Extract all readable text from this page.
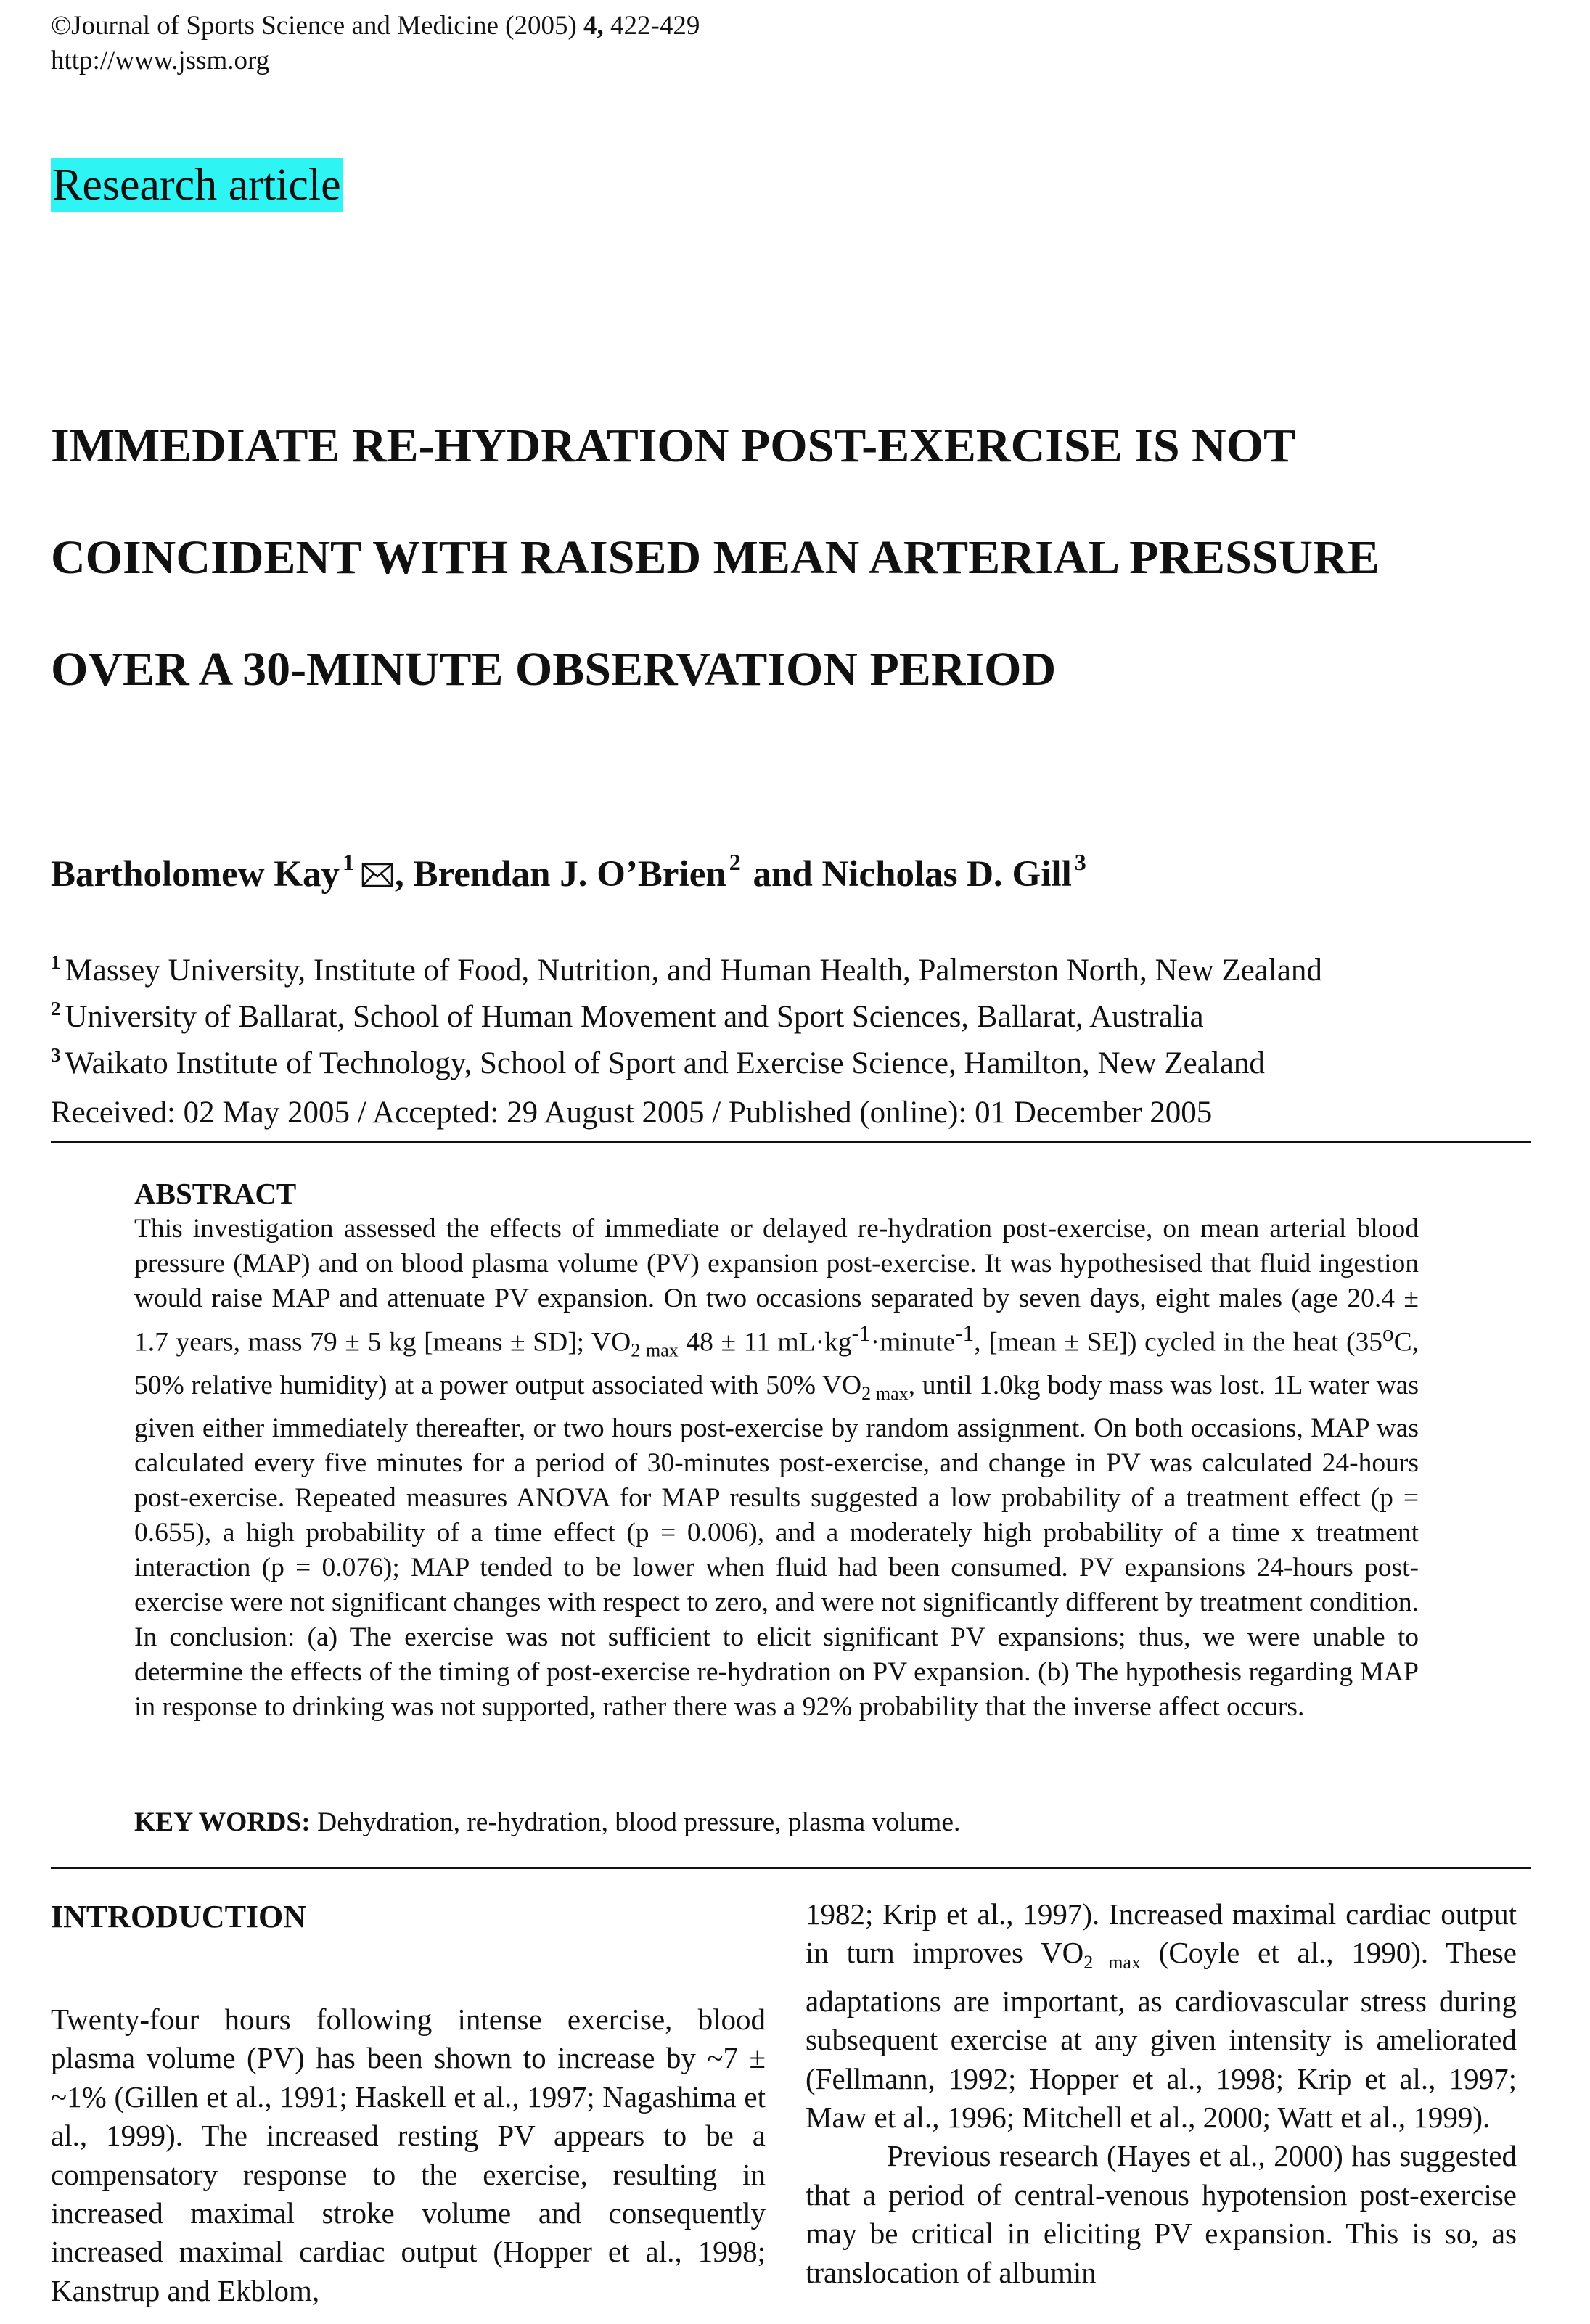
©Journal of Sports Science and Medicine (2005) 4, 422-429
http://www.jssm.org
Research article
IMMEDIATE RE-HYDRATION POST-EXERCISE IS NOT
COINCIDENT WITH RAISED MEAN ARTERIAL PRESSURE
OVER A 30-MINUTE OBSERVATION PERIOD
Bartholomew Kay $^1$ , Brendan J. O’Brien $^2$ and Nicholas D. Gill $^3$
$^1$ Massey University, Institute of Food, Nutrition, and Human Health, Palmerston North, New Zealand
$^2$ University of Ballarat, School of Human Movement and Sport Sciences, Ballarat, Australia
$^3$ Waikato Institute of Technology, School of Sport and Exercise Science, Hamilton, New Zealand
Received: 02 May 2005 / Accepted: 29 August 2005 / Published (online): 01 December 2005
ABSTRACT

This investigation assessed the effects of immediate or delayed re-hydration post-exercise, on mean arterial blood pressure (MAP) and on blood plasma volume (PV) expansion post-exercise. It was hypothesised that fluid ingestion would raise MAP and attenuate PV expansion. On two occasions separated by seven days, eight males (age 20.4 ± 1.7 years, mass 79 ± 5 kg [means ± SD]; $VO_{2 max}$ 48 ± 11 $mL\cdot kg^{-1}\cdot minute^{-1}$, [mean ± SE]) cycled in the heat (35$^o$C, 50% relative humidity) at a power output associated with 50% $VO_{2 max}$, until 1.0kg body mass was lost. 1L water was given either immediately thereafter, or two hours post-exercise by random assignment. On both occasions, MAP was calculated every five minutes for a period of 30-minutes post-exercise, and change in PV was calculated 24-hours post-exercise. Repeated measures ANOVA for MAP results suggested a low probability of a treatment effect (p = 0.655), a high probability of a time effect (p = 0.006), and a moderately high probability of a time x treatment interaction (p = 0.076); MAP tended to be lower when fluid had been consumed. PV expansions 24-hours post-exercise were not significant changes with respect to zero, and were not significantly different by treatment condition. In conclusion: (a) The exercise was not sufficient to elicit significant PV expansions; thus, we were unable to determine the effects of the timing of post-exercise re-hydration on PV expansion. (b) The hypothesis regarding MAP in response to drinking was not supported, rather there was a 92% probability that the inverse affect occurs.

KEY WORDS: Dehydration, re-hydration, blood pressure, plasma volume.
INTRODUCTION

Twenty-four hours following intense exercise, blood plasma volume (PV) has been shown to increase by ~7 ± ~1% (Gillen et al., 1991; Haskell et al., 1997; Nagashima et al., 1999). The increased resting PV appears to be a compensatory response to the exercise, resulting in increased maximal stroke volume and consequently increased maximal cardiac output (Hopper et al., 1998; Kanstrup and Ekblom,

1982; Krip et al., 1997). Increased maximal cardiac output in turn improves $VO_{2 max}$ (Coyle et al., 1990). These adaptations are important, as cardiovascular stress during subsequent exercise at any given intensity is ameliorated (Fellmann, 1992; Hopper et al., 1998; Krip et al., 1997; Maw et al., 1996; Mitchell et al., 2000; Watt et al., 1999).

Previous research (Hayes et al., 2000) has suggested that a period of central-venous hypotension post-exercise may be critical in eliciting PV expansion. This is so, as translocation of albumin
